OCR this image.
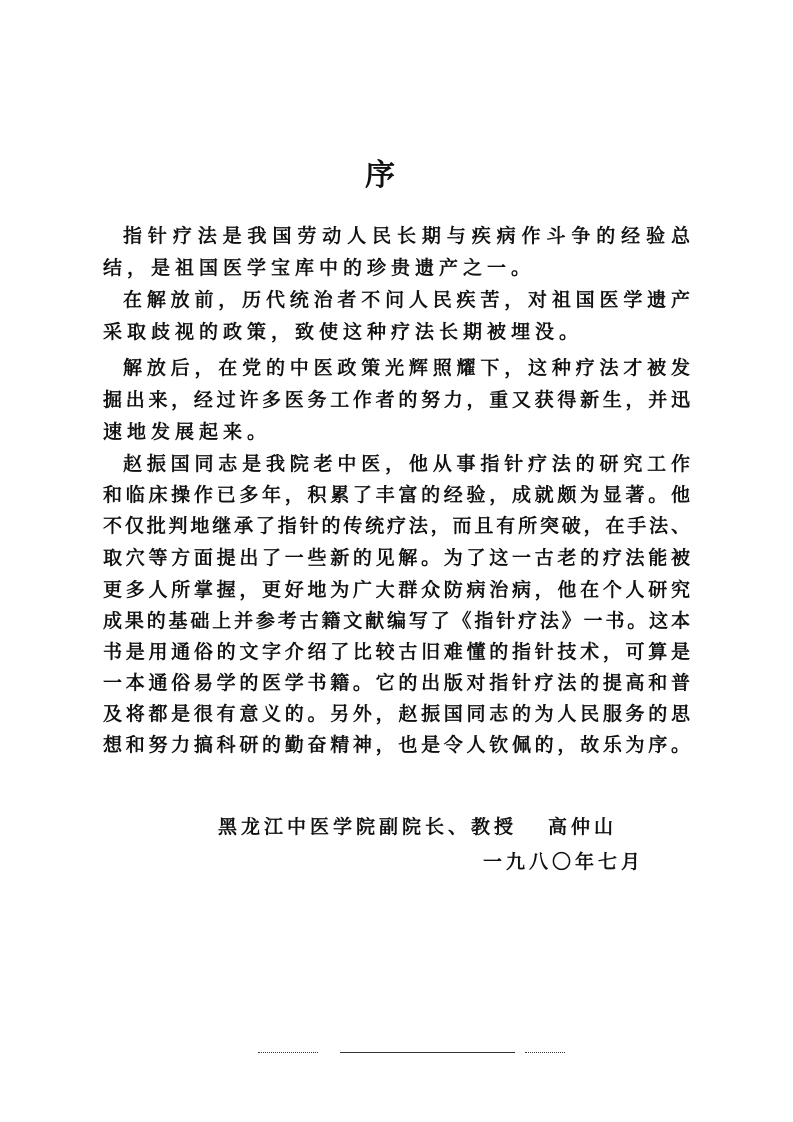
序
指针疗法是我国劳动人民长期与疾病作斗争的经验总
结，是祖国医学宝库中的珍贵遗产之一。
在解放前，历代统治者不问人民疾苦，对祖国医学遗产
采取歧视的政策，致使这种疗法长期被埋没。
解放后，在党的中医政策光辉照耀下，这种疗法才被发
掘出来，经过许多医务工作者的努力，重又获得新生，并迅
速地发展起来。
赵振国同志是我院老中医，他从事指针疗法的研究工作
和临床操作已多年，积累了丰富的经验，成就颇为显著。他
不仅批判地继承了指针的传统疗法，而且有所突破，在手法、
取穴等方面提出了一些新的见解。为了这一古老的疗法能被
更多人所掌握，更好地为广大群众防病治病，他在个人研究
成果的基础上并参考古籍文献编写了《指针疗法》一书。这本
书是用通俗的文字介绍了比较古旧难懂的指针技术，可算是
一本通俗易学的医学书籍。它的出版对指针疗法的提高和普
及将都是很有意义的。另外，赵振国同志的为人民服务的思
想和努力搞科研的勤奋精神，也是令人钦佩的，故乐为序。
黑龙江中医学院副院长、教授 高仲山
一九八〇年七月
